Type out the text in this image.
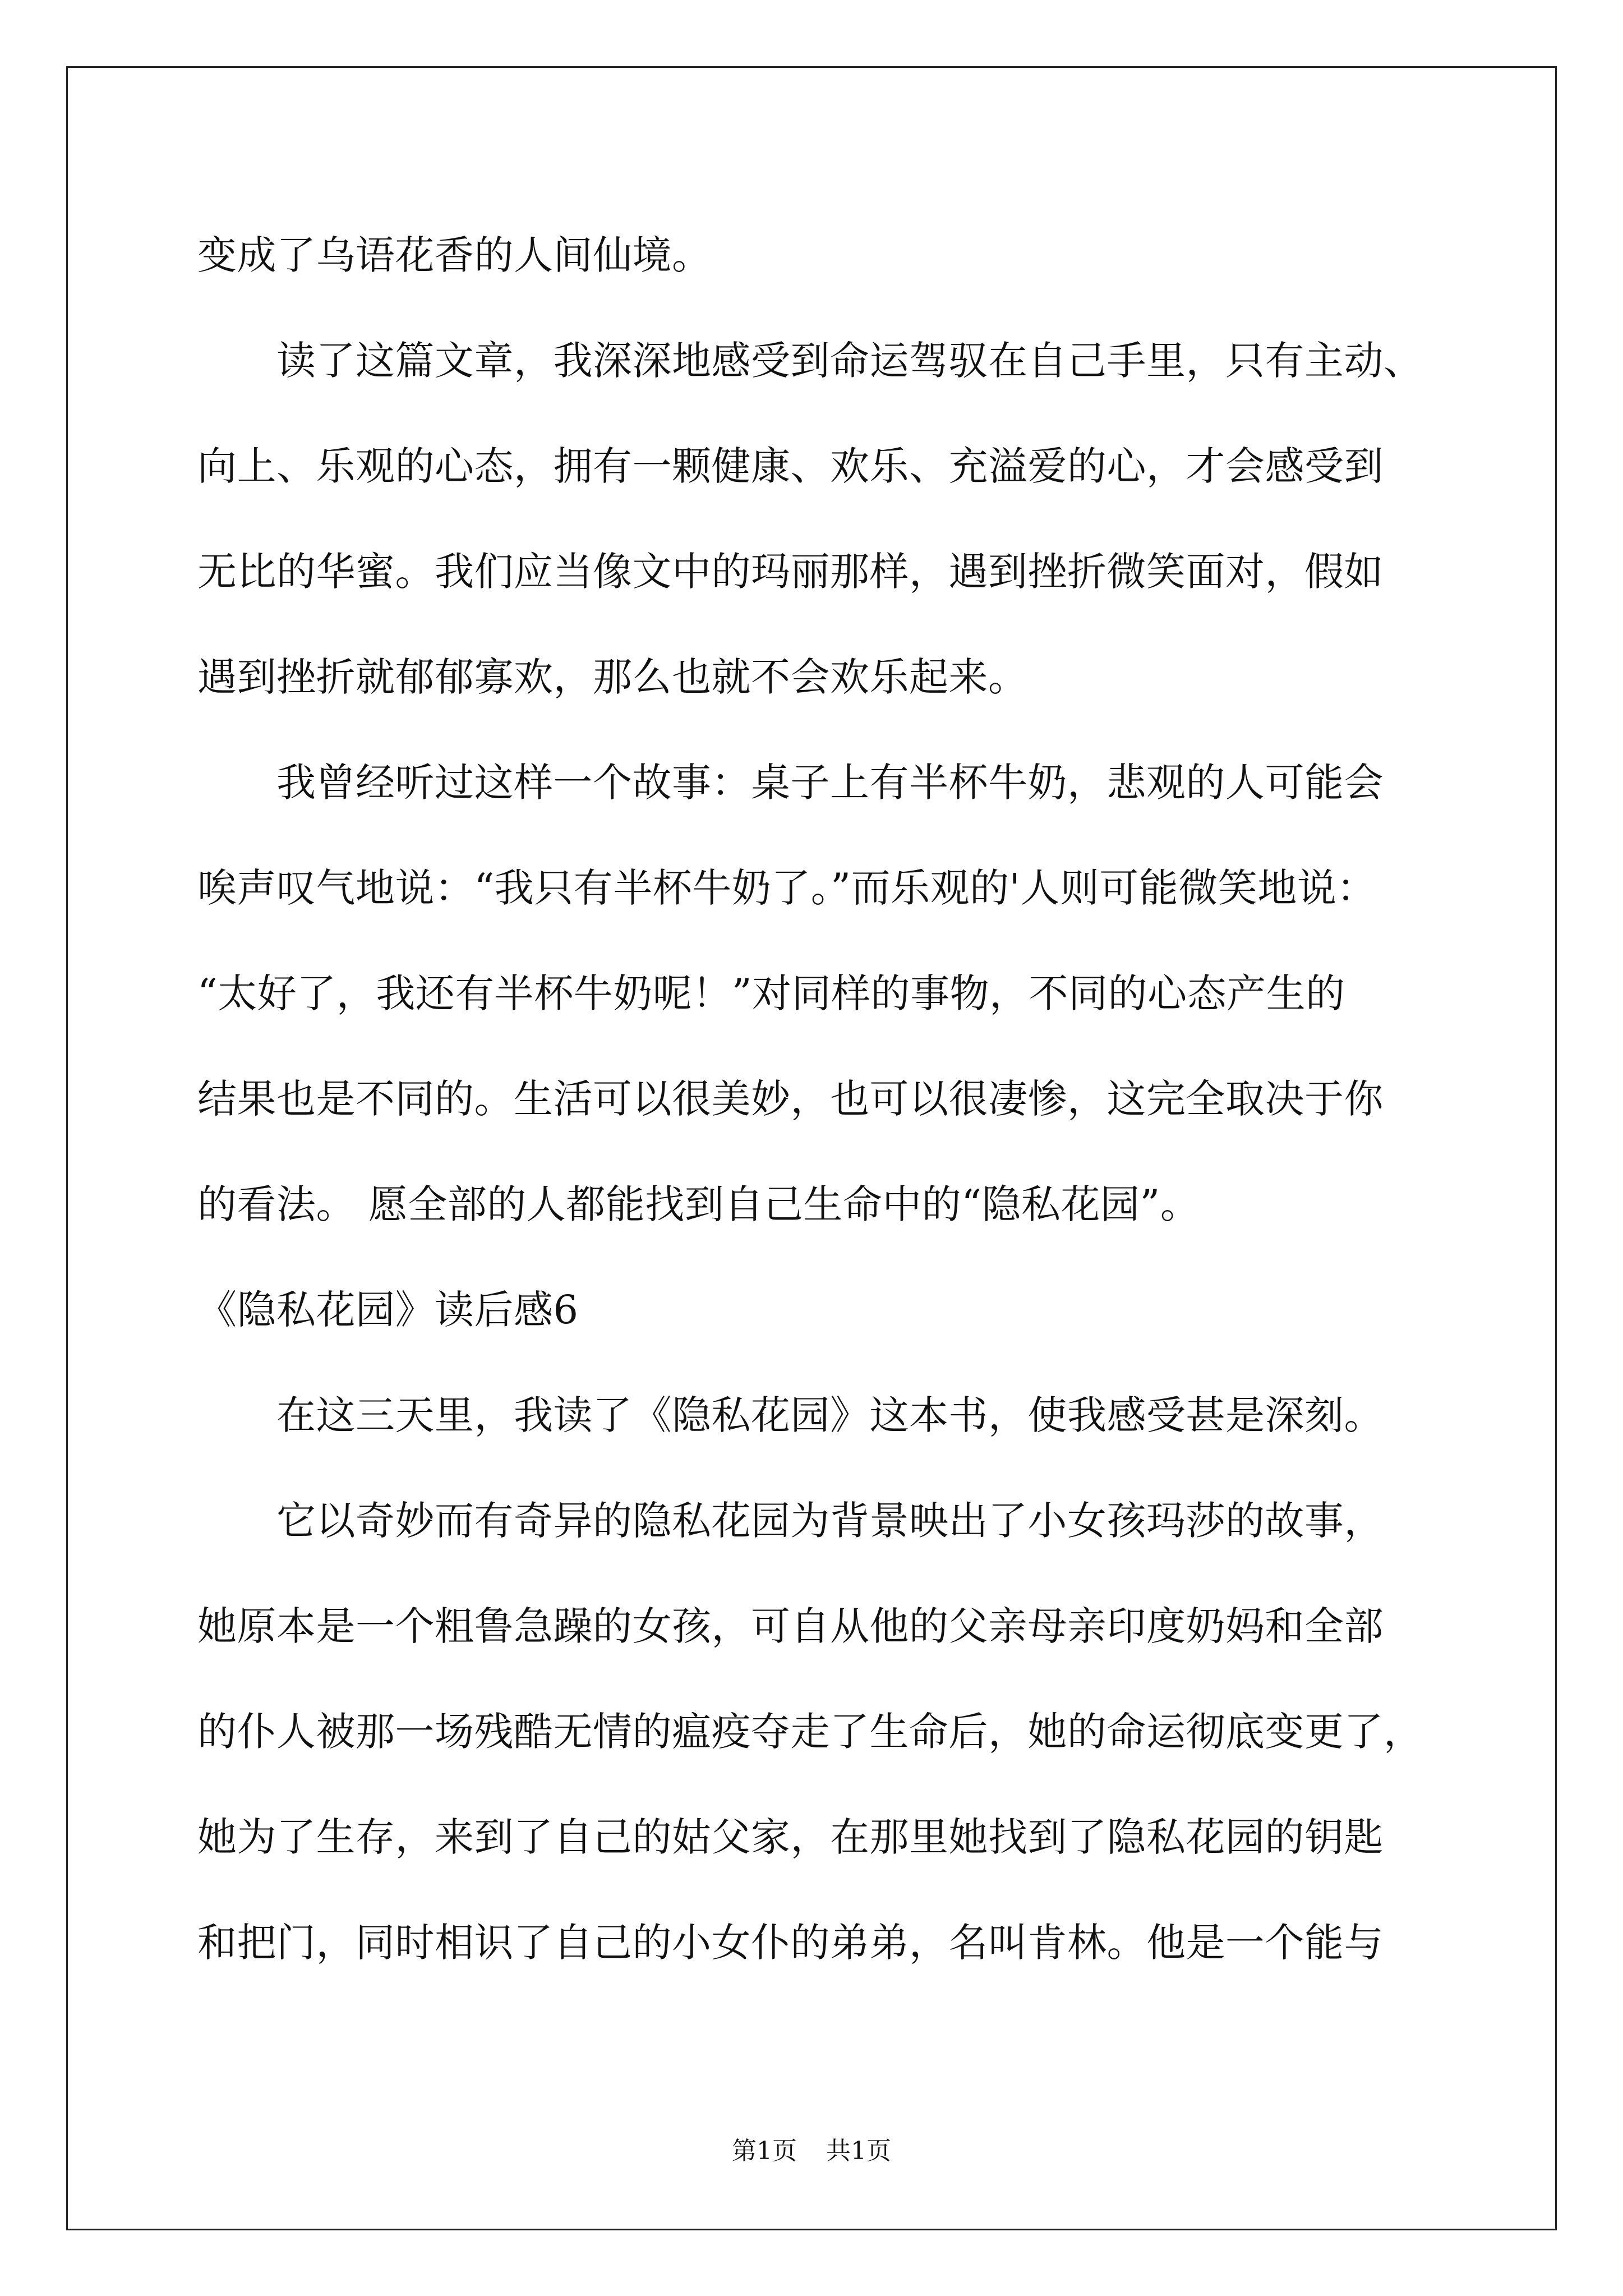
变成了乌语花香的人间仙境。
　　读了这篇文章，我深深地感受到命运驾驭在自己手里，只有主动、
向上、乐观的心态，拥有一颗健康、欢乐、充溢爱的心，才会感受到
无比的华蜜。我们应当像文中的玛丽那样，遇到挫折微笑面对，假如
遇到挫折就郁郁寡欢，那么也就不会欢乐起来。
　　我曾经听过这样一个故事：桌子上有半杯牛奶，悲观的人可能会
唉声叹气地说：“我只有半杯牛奶了。”而乐观的'人则可能微笑地说：
“太好了，我还有半杯牛奶呢！”对同样的事物，不同的心态产生的
结果也是不同的。生活可以很美妙，也可以很凄惨，这完全取决于你
的看法。 愿全部的人都能找到自己生命中的“隐私花园”。
《隐私花园》读后感6
　　在这三天里，我读了《隐私花园》这本书，使我感受甚是深刻。
　　它以奇妙而有奇异的隐私花园为背景映出了小女孩玛莎的故事，
她原本是一个粗鲁急躁的女孩，可自从他的父亲母亲印度奶妈和全部
的仆人被那一场残酷无情的瘟疫夺走了生命后，她的命运彻底变更了，
她为了生存，来到了自己的姑父家，在那里她找到了隐私花园的钥匙
和把门，同时相识了自己的小女仆的弟弟，名叫肯林。他是一个能与
第1页 共1页
